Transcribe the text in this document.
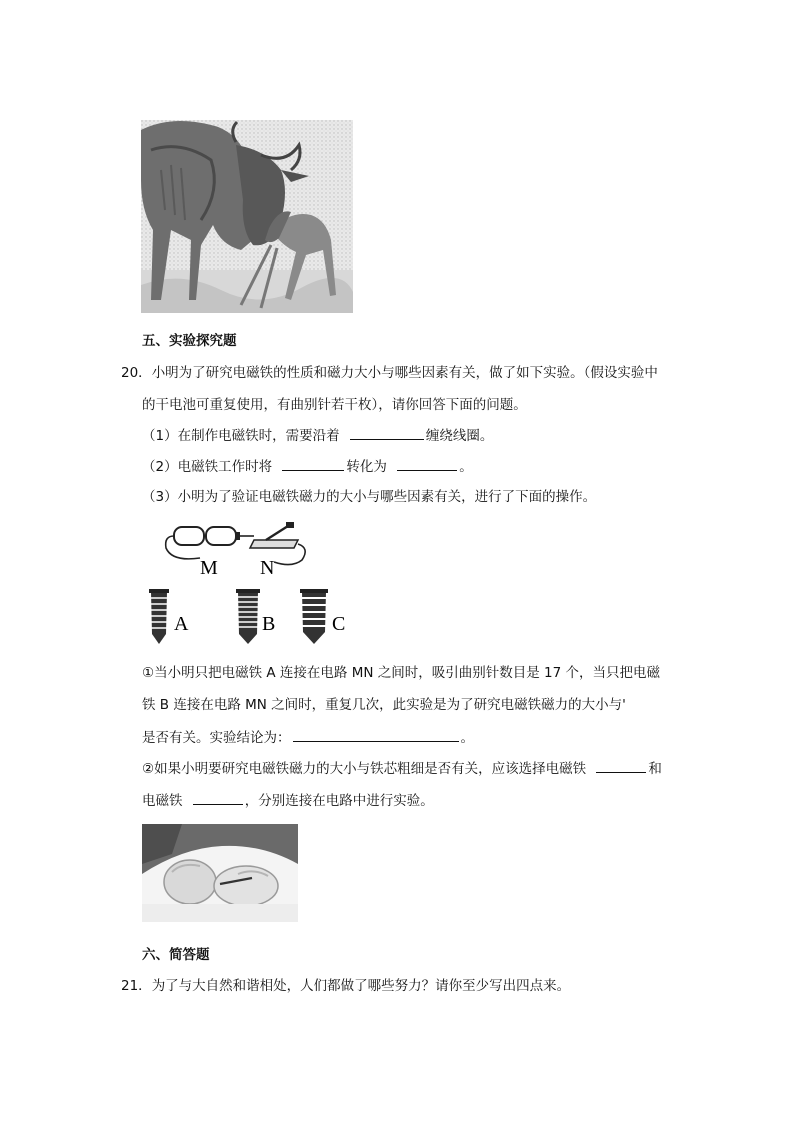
五、实验探究题
20．小明为了研究电磁铁的性质和磁力大小与哪些因素有关，做了如下实验。（假设实验中
的干电池可重复使用，有曲别针若干枚），请你回答下面的问题。
（1）在制作电磁铁时，需要沿着	缠绕线圈。
（2）电磁铁工作时将	转化为	。
（3）小明为了验证电磁铁磁力的大小与哪些因素有关，进行了下面的操作。
M N
A	B	C
①当小明只把电磁铁 A 连接在电路 MN 之间时，吸引曲别针数目是 17 个，当只把电磁
铁 B 连接在电路 MN 之间时，重复几次，此实验是为了研究电磁铁磁力的大小与'
是否有关。实验结论为：	。
②如果小明要研究电磁铁磁力的大小与铁芯粗细是否有关，应该选择电磁铁	和
电磁铁	，分别连接在电路中进行实验。
六、简答题
21．为了与大自然和谐相处，人们都做了哪些努力？请你至少写出四点来。
